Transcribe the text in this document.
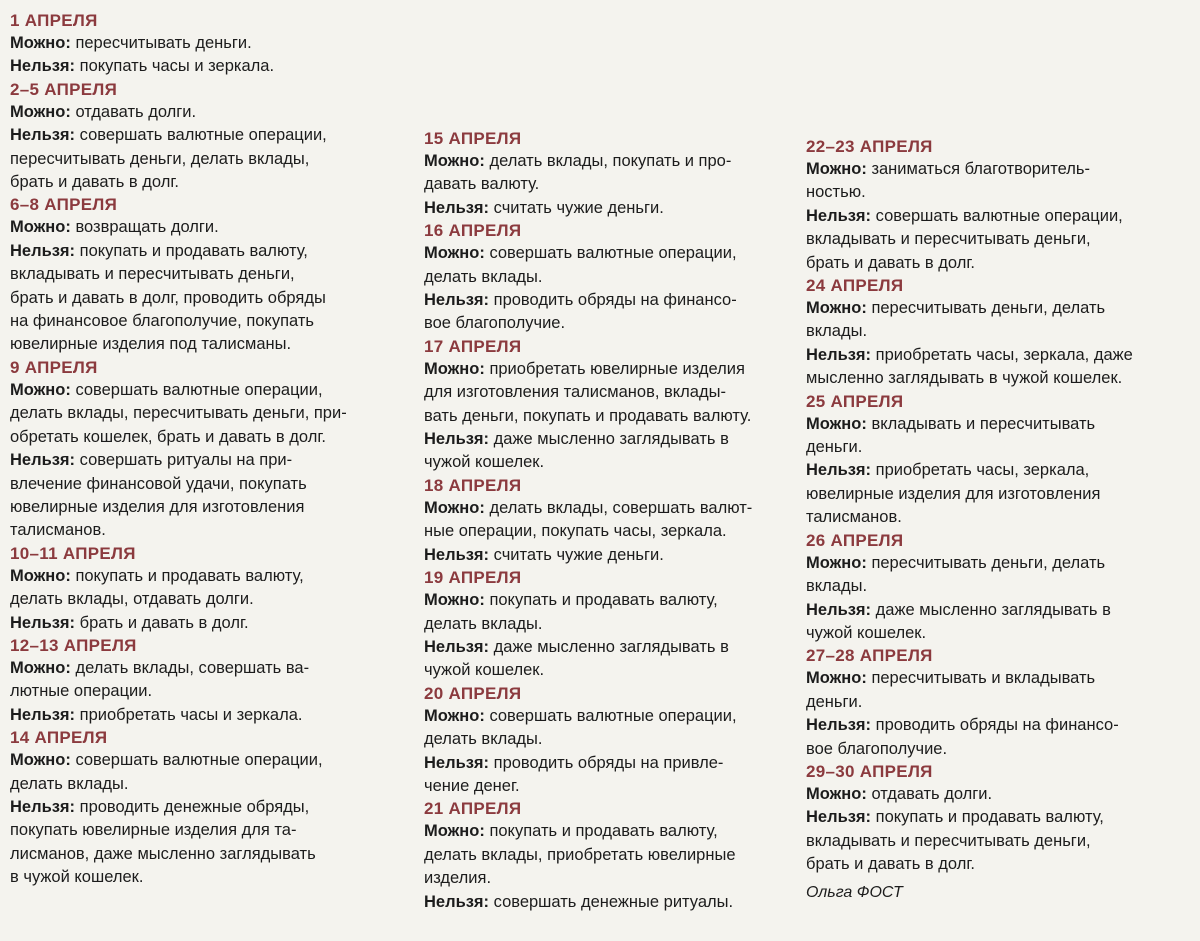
1 АПРЕЛЯ
Можно: пересчитывать деньги.
Нельзя: покупать часы и зеркала.
2–5 АПРЕЛЯ
Можно: отдавать долги.
Нельзя: совершать валютные операции,
пересчитывать деньги, делать вклады,
брать и давать в долг.
6–8 АПРЕЛЯ
Можно: возвращать долги.
Нельзя: покупать и продавать валюту,
вкладывать и пересчитывать деньги,
брать и давать в долг, проводить обряды
на финансовое благополучие, покупать
ювелирные изделия под талисманы.
9 АПРЕЛЯ
Можно: совершать валютные операции,
делать вклады, пересчитывать деньги, при-
обретать кошелек, брать и давать в долг.
Нельзя: совершать ритуалы на при-
влечение финансовой удачи, покупать
ювелирные изделия для изготовления
талисманов.
10–11 АПРЕЛЯ
Можно: покупать и продавать валюту,
делать вклады, отдавать долги.
Нельзя: брать и давать в долг.
12–13 АПРЕЛЯ
Можно: делать вклады, совершать ва-
лютные операции.
Нельзя: приобретать часы и зеркала.
14 АПРЕЛЯ
Можно: совершать валютные операции,
делать вклады.
Нельзя: проводить денежные обряды,
покупать ювелирные изделия для та-
лисманов, даже мысленно заглядывать
в чужой кошелек.
15 АПРЕЛЯ
Можно: делать вклады, покупать и про-
давать валюту.
Нельзя: считать чужие деньги.
16 АПРЕЛЯ
Можно: совершать валютные операции,
делать вклады.
Нельзя: проводить обряды на финансо-
вое благополучие.
17 АПРЕЛЯ
Можно: приобретать ювелирные изделия
для изготовления талисманов, вклады-
вать деньги, покупать и продавать валюту.
Нельзя: даже мысленно заглядывать в
чужой кошелек.
18 АПРЕЛЯ
Можно: делать вклады, совершать валют-
ные операции, покупать часы, зеркала.
Нельзя: считать чужие деньги.
19 АПРЕЛЯ
Можно: покупать и продавать валюту,
делать вклады.
Нельзя: даже мысленно заглядывать в
чужой кошелек.
20 АПРЕЛЯ
Можно: совершать валютные операции,
делать вклады.
Нельзя: проводить обряды на привле-
чение денег.
21 АПРЕЛЯ
Можно: покупать и продавать валюту,
делать вклады, приобретать ювелирные
изделия.
Нельзя: совершать денежные ритуалы.
22–23 АПРЕЛЯ
Можно: заниматься благотворитель-
ностью.
Нельзя: совершать валютные операции,
вкладывать и пересчитывать деньги,
брать и давать в долг.
24 АПРЕЛЯ
Можно: пересчитывать деньги, делать
вклады.
Нельзя: приобретать часы, зеркала, даже
мысленно заглядывать в чужой кошелек.
25 АПРЕЛЯ
Можно: вкладывать и пересчитывать
деньги.
Нельзя: приобретать часы, зеркала,
ювелирные изделия для изготовления
талисманов.
26 АПРЕЛЯ
Можно: пересчитывать деньги, делать
вклады.
Нельзя: даже мысленно заглядывать в
чужой кошелек.
27–28 АПРЕЛЯ
Можно: пересчитывать и вкладывать
деньги.
Нельзя: проводить обряды на финансо-
вое благополучие.
29–30 АПРЕЛЯ
Можно: отдавать долги.
Нельзя: покупать и продавать валюту,
вкладывать и пересчитывать деньги,
брать и давать в долг.
Ольга ФОСТ
